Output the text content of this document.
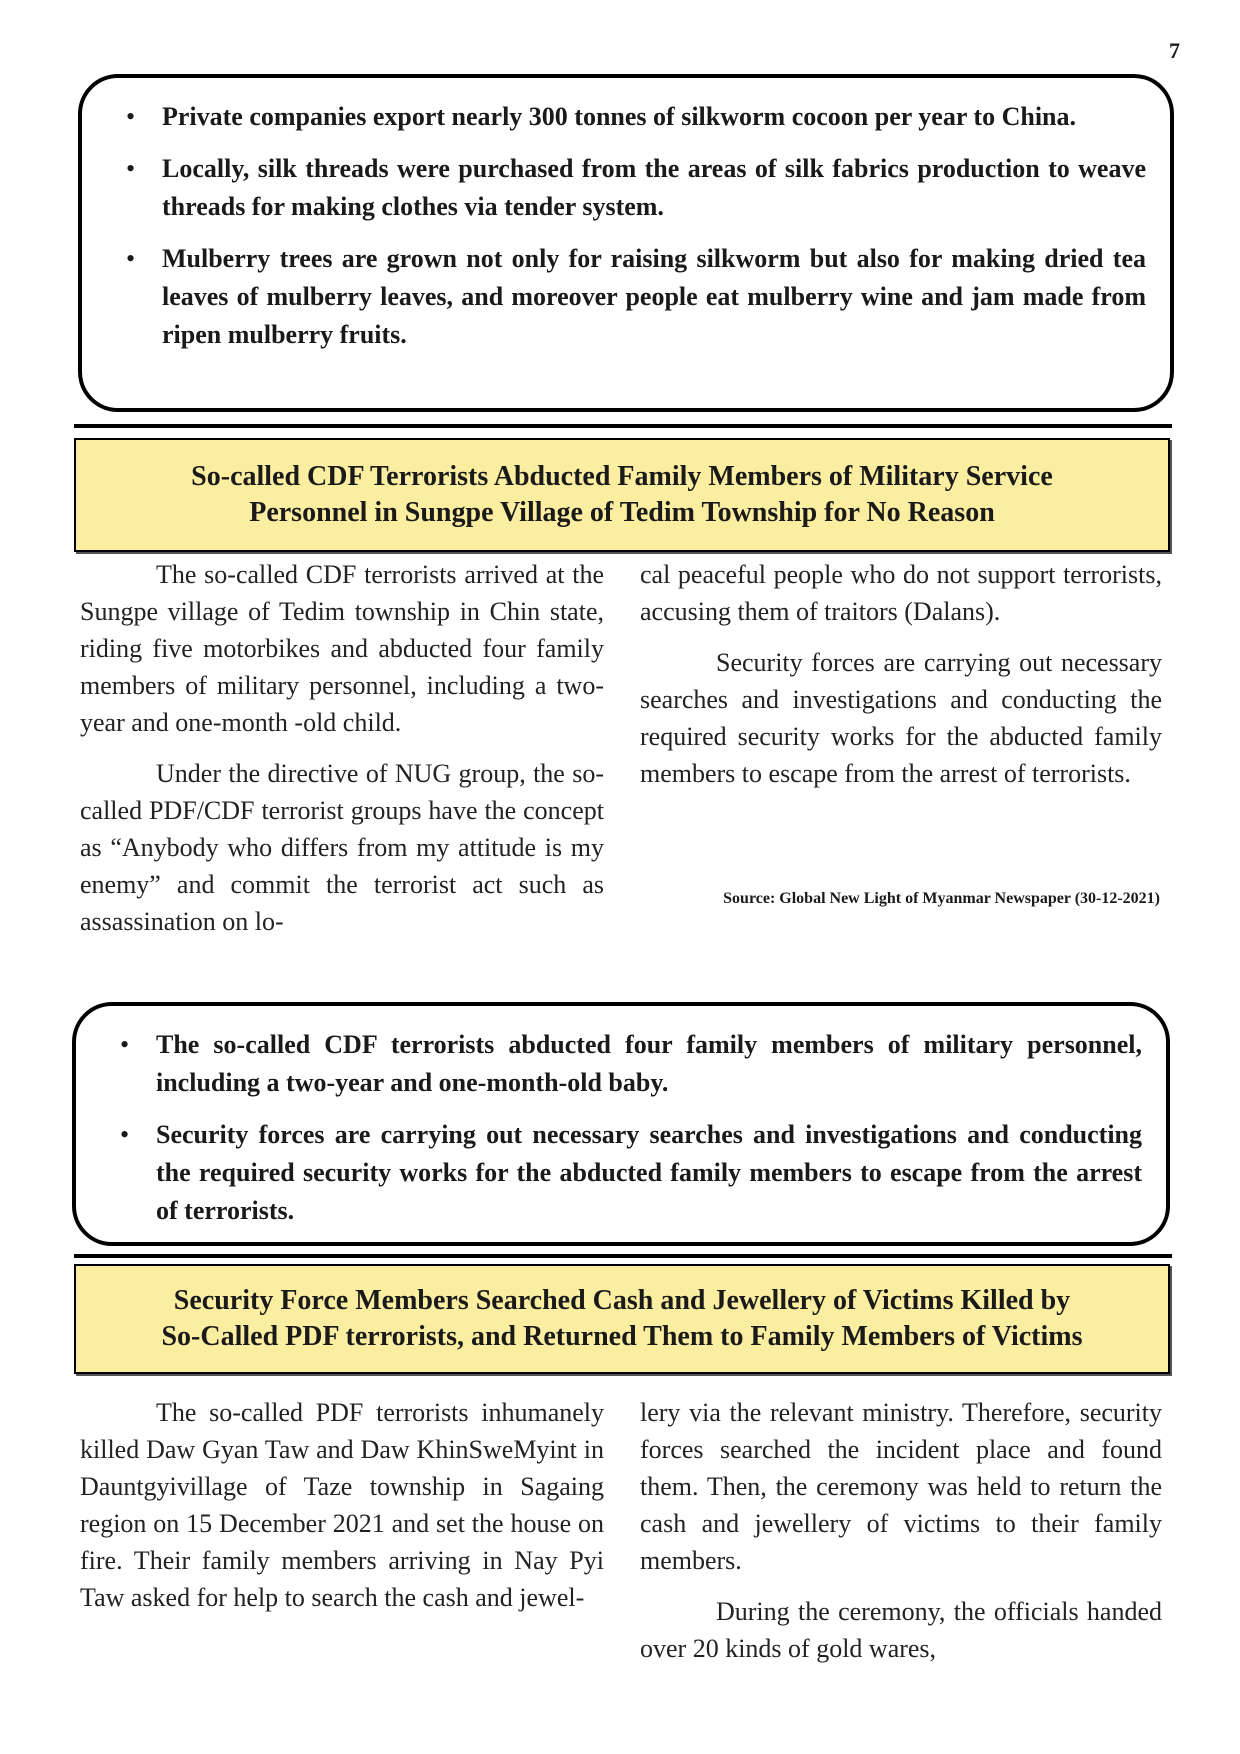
7
• Private companies export nearly 300 tonnes of silkworm cocoon per year to China.
• Locally, silk threads were purchased from the areas of silk fabrics production to weave threads for making clothes via tender system.
• Mulberry trees are grown not only for raising silkworm but also for making dried tea leaves of mulberry leaves, and moreover people eat mulberry wine and jam made from ripen mulberry fruits.
So-called CDF Terrorists Abducted Family Members of Military Service
Personnel in Sungpe Village of Tedim Township for No Reason

The so-called CDF terrorists arrived at the Sungpe village of Tedim township in Chin state, riding five motorbikes and abducted four family members of military personnel, including a two-year and one-month -old child.

Under the directive of NUG group, the so-called PDF/CDF terrorist groups have the concept as “Anybody who differs from my attitude is my enemy” and commit the terrorist act such as assassination on lo-

cal peaceful people who do not support terrorists, accusing them of traitors (Dalans).

Security forces are carrying out necessary searches and investigations and conducting the required security works for the abducted family members to escape from the arrest of terrorists.

Source: Global New Light of Myanmar Newspaper (30-12-2021)
• The so-called CDF terrorists abducted four family members of military personnel, including a two-year and one-month-old baby.
• Security forces are carrying out necessary searches and investigations and conducting the required security works for the abducted family members to escape from the arrest of terrorists.
Security Force Members Searched Cash and Jewellery of Victims Killed by
So-Called PDF terrorists, and Returned Them to Family Members of Victims

The so-called PDF terrorists inhumanely killed Daw Gyan Taw and Daw KhinSweMyint in Dauntgyivillage of Taze township in Sagaing region on 15 December 2021 and set the house on fire. Their family members arriving in Nay Pyi Taw asked for help to search the cash and jewel-

lery via the relevant ministry. Therefore, security forces searched the incident place and found them. Then, the ceremony was held to return the cash and jewellery of victims to their family members.

During the ceremony, the officials handed over 20 kinds of gold wares,
